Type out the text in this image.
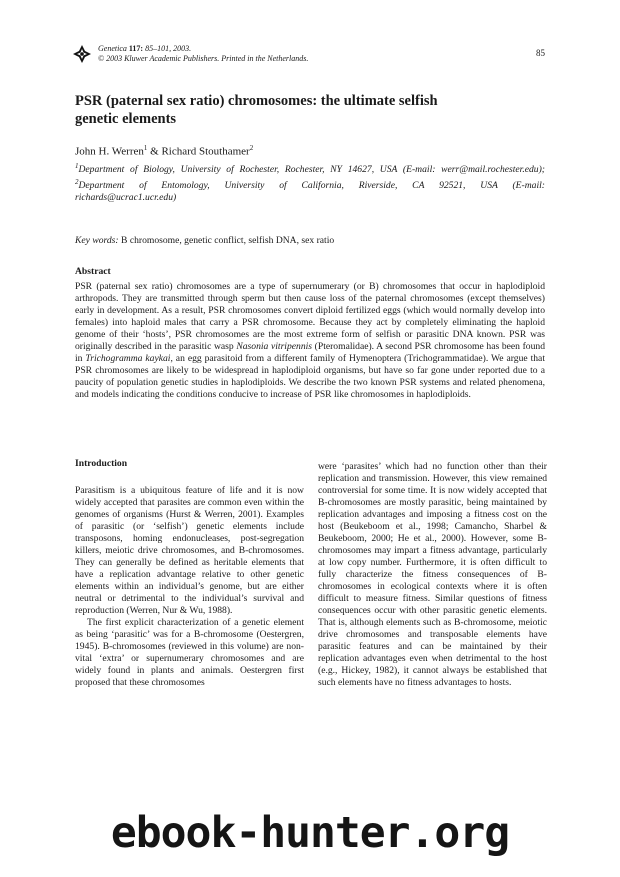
Genetica 117: 85–101, 2003.
© 2003 Kluwer Academic Publishers. Printed in the Netherlands.
85
PSR (paternal sex ratio) chromosomes: the ultimate selfish
genetic elements
John H. Werren$^1$ & Richard Stouthamer$^2$
$^1$Department of Biology, University of Rochester, Rochester, NY 14627, USA (E-mail: werr@mail.rochester.edu);
$^2$Department of Entomology, University of California, Riverside, CA 92521, USA (E-mail:
richards@ucrac1.ucr.edu)
Key words: B chromosome, genetic conflict, selfish DNA, sex ratio
Abstract
PSR (paternal sex ratio) chromosomes are a type of supernumerary (or B) chromosomes that occur in haplodiploid arthropods. They are transmitted through sperm but then cause loss of the paternal chromosomes (except themselves) early in development. As a result, PSR chromosomes convert diploid fertilized eggs (which would normally develop into females) into haploid males that carry a PSR chromosome. Because they act by completely eliminating the haploid genome of their ‘hosts’, PSR chromosomes are the most extreme form of selfish or parasitic DNA known. PSR was originally described in the parasitic wasp Nasonia vitripennis (Pteromalidae). A second PSR chromosome has been found in Trichogramma kaykai, an egg parasitoid from a different family of Hymenoptera (Trichogrammatidae). We argue that PSR chromosomes are likely to be widespread in haplodiploid organisms, but have so far gone under reported due to a paucity of population genetic studies in haplodiploids. We describe the two known PSR systems and related phenomena, and models indicating the conditions conducive to increase of PSR like chromosomes in haplodiploids.
Introduction

Parasitism is a ubiquitous feature of life and it is now widely accepted that parasites are common even within the genomes of organisms (Hurst & Werren, 2001). Examples of parasitic (or ‘selfish’) genetic elements include transposons, homing endonucleases, post-segregation killers, meiotic drive chromosomes, and B-chromosomes. They can generally be defined as heritable elements that have a replication advantage relative to other genetic elements within an individual’s genome, but are either neutral or detrimental to the individual’s survival and reproduction (Werren, Nur & Wu, 1988).

The first explicit characterization of a genetic element as being ‘parasitic’ was for a B-chromosome (Oestergren, 1945). B-chromosomes (reviewed in this volume) are non-vital ‘extra’ or supernumerary chromosomes and are widely found in plants and animals. Oestergren first proposed that these chromosomes

were ‘parasites’ which had no function other than their replication and transmission. However, this view remained controversial for some time. It is now widely accepted that B-chromosomes are mostly parasitic, being maintained by replication advantages and imposing a fitness cost on the host (Beukeboom et al., 1998; Camancho, Sharbel & Beukeboom, 2000; He et al., 2000). However, some B-chromosomes may impart a fitness advantage, particularly at low copy number. Furthermore, it is often difficult to fully characterize the fitness consequences of B-chromosomes in ecological contexts where it is often difficult to measure fitness. Similar questions of fitness consequences occur with other parasitic genetic elements. That is, although elements such as B-chromosome, meiotic drive chromosomes and transposable elements have parasitic features and can be maintained by their replication advantages even when detrimental to the host (e.g., Hickey, 1982), it cannot always be established that such elements have no fitness advantages to hosts.

ebook-hunter.org
